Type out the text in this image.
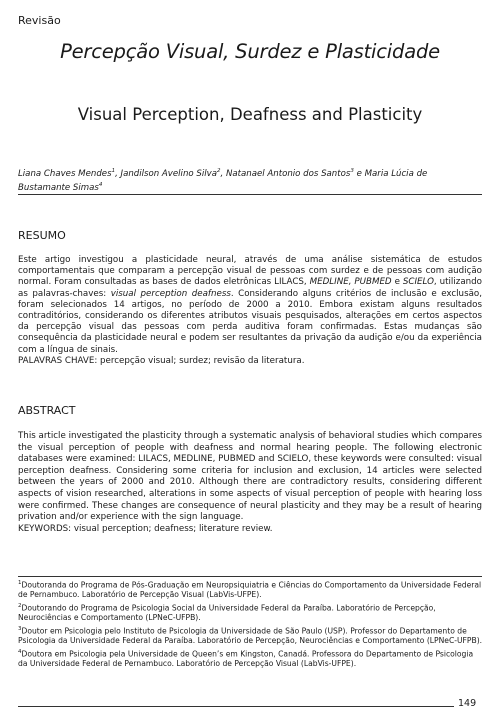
Revisão
Percepção Visual, Surdez e Plasticidade
Visual Perception, Deafness and Plasticity
Liana Chaves Mendes$^1$, Jandilson Avelino Silva$^2$, Natanael Antonio dos Santos$^3$ e Maria Lúcia de Bustamante Simas$^4$
RESUMO
Este artigo investigou a plasticidade neural, através de uma análise sistemática de estudos comportamentais que comparam a percepção visual de pessoas com surdez e de pessoas com audição normal. Foram consultadas as bases de dados eletrônicas LILACS, MEDLINE, PUBMED e SCIELO, utilizando as palavras-chaves: visual perception deafness. Considerando alguns critérios de inclusão e exclusão, foram selecionados 14 artigos, no período de 2000 a 2010. Embora existam alguns resultados contraditórios, considerando os diferentes atributos visuais pesquisados, alterações em certos aspectos da percepção visual das pessoas com perda auditiva foram confirmadas. Estas mudanças são consequência da plasticidade neural e podem ser resultantes da privação da audição e/ou da experiência com a língua de sinais.
PALAVRAS CHAVE: percepção visual; surdez; revisão da literatura.
ABSTRACT
This article investigated the plasticity through a systematic analysis of behavioral studies which compares the visual perception of people with deafness and normal hearing people. The following electronic databases were examined: LILACS, MEDLINE, PUBMED and SCIELO, these keywords were consulted: visual perception deafness. Considering some criteria for inclusion and exclusion, 14 articles were selected between the years of 2000 and 2010. Although there are contradictory results, considering different aspects of vision researched, alterations in some aspects of visual perception of people with hearing loss were confirmed. These changes are consequence of neural plasticity and they may be a result of hearing privation and/or experience with the sign language.
KEYWORDS: visual perception; deafness; literature review.
$^1$Doutoranda do Programa de Pós-Graduação em Neuropsiquiatria e Ciências do Comportamento da Universidade Federal de Pernambuco. Laboratório de Percepção Visual (LabVis-UFPE).
$^2$Doutorando do Programa de Psicologia Social da Universidade Federal da Paraíba. Laboratório de Percepção, Neurociências e Comportamento (LPNeC-UFPB).
$^3$Doutor em Psicologia pelo Instituto de Psicologia da Universidade de São Paulo (USP). Professor do Departamento de Psicologia da Universidade Federal da Paraíba. Laboratório de Percepção, Neurociências e Comportamento (LPNeC-UFPB).
$^4$Doutora em Psicologia pela Universidade de Queen’s em Kingston, Canadá. Professora do Departamento de Psicologia da Universidade Federal de Pernambuco. Laboratório de Percepção Visual (LabVis-UFPE).
149
